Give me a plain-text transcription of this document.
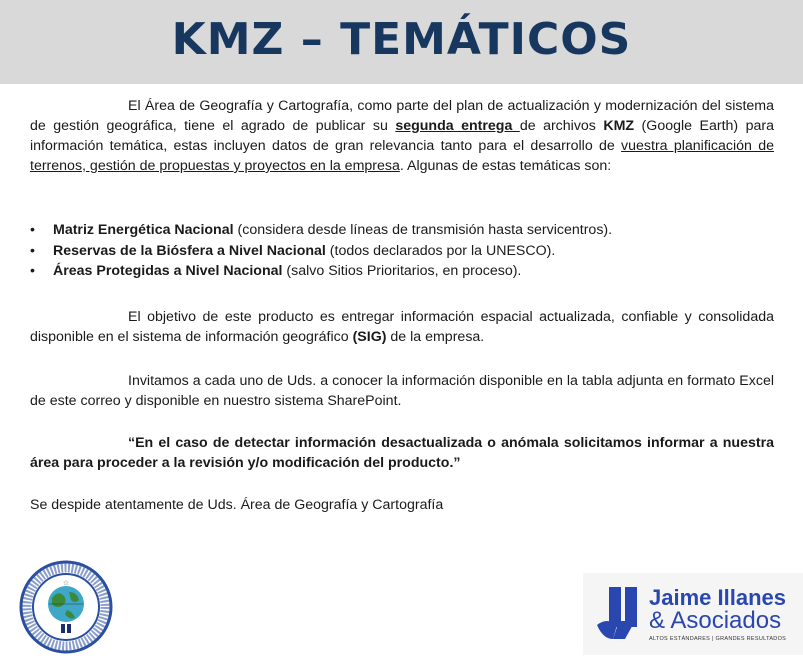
KMZ – TEMÁTICOS
El Área de Geografía y Cartografía, como parte del plan de actualización y modernización del sistema de gestión geográfica, tiene el agrado de publicar su segunda entrega de archivos KMZ (Google Earth) para información temática, estas incluyen datos de gran relevancia tanto para el desarrollo de vuestra planificación de terrenos, gestión de propuestas y proyectos en la empresa. Algunas de estas temáticas son:
• Matriz Energética Nacional (considera desde líneas de transmisión hasta servicentros).
• Reservas de la Biósfera a Nivel Nacional (todos declarados por la UNESCO).
• Áreas Protegidas a Nivel Nacional (salvo Sitios Prioritarios, en proceso).
El objetivo de este producto es entregar información espacial actualizada, confiable y consolidada disponible en el sistema de información geográfico (SIG) de la empresa.
Invitamos a cada uno de Uds. a conocer la información disponible en la tabla adjunta en formato Excel de este correo y disponible en nuestro sistema SharePoint.
“En el caso de detectar información desactualizada o anómala solicitamos informar a nuestra área para proceder a la revisión y/o modificación del producto.”
Se despide atentamente de Uds. Área de Geografía y Cartografía
☆
Jaime Illanes
& Asociados
ALTOS ESTÁNDARES | GRANDES RESULTADOS
